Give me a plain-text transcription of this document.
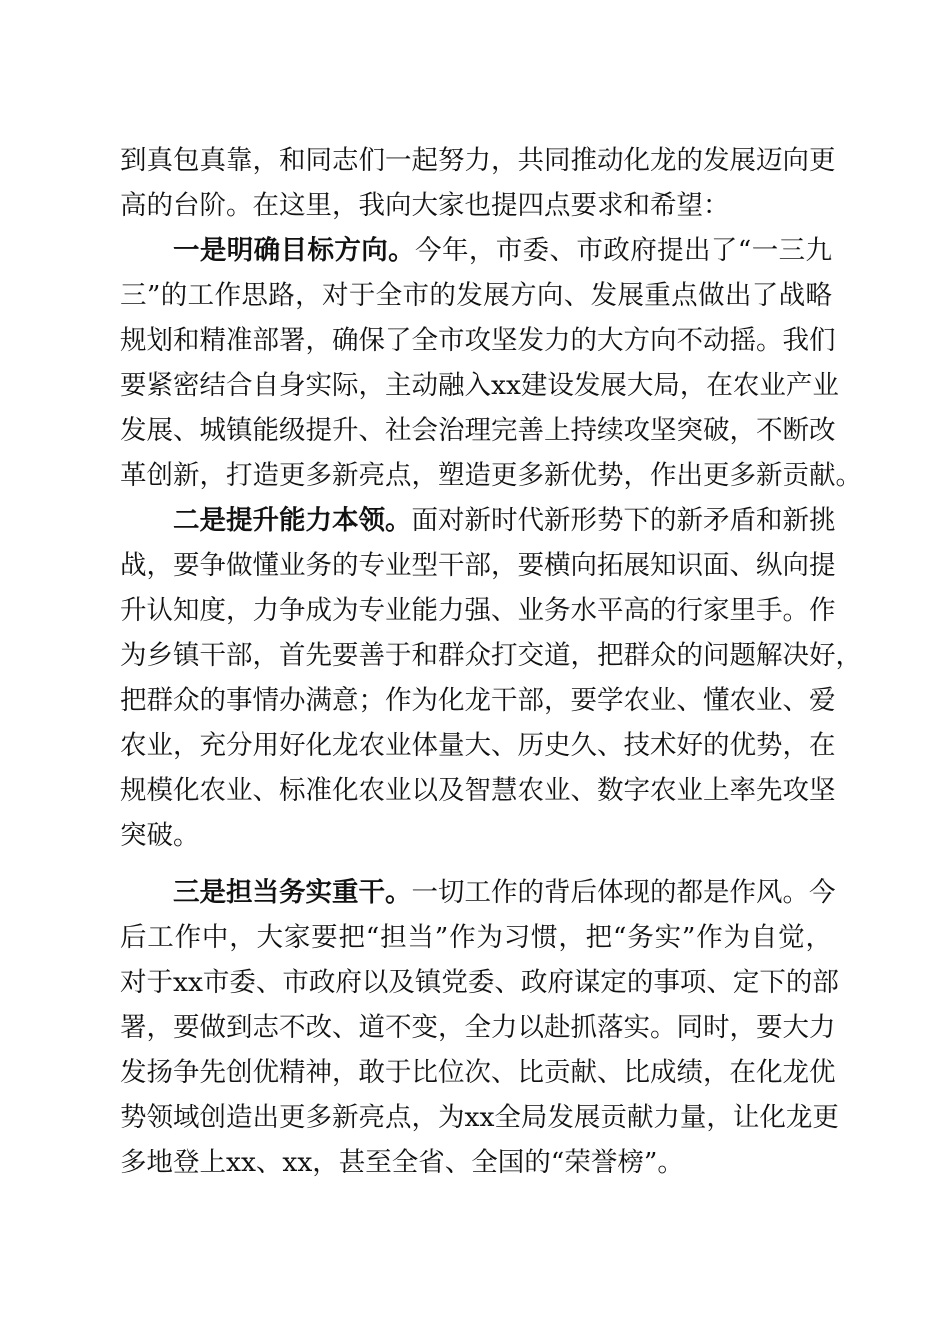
到真包真靠，和同志们一起努力，共同推动化龙的发展迈向更
高的台阶。在这里，我向大家也提四点要求和希望：
一是明确目标方向。今年，市委、市政府提出了“一三九
三”的工作思路，对于全市的发展方向、发展重点做出了战略
规划和精准部署，确保了全市攻坚发力的大方向不动摇。我们
要紧密结合自身实际，主动融入xx建设发展大局，在农业产业
发展、城镇能级提升、社会治理完善上持续攻坚突破，不断改
革创新，打造更多新亮点，塑造更多新优势，作出更多新贡献。
二是提升能力本领。面对新时代新形势下的新矛盾和新挑
战，要争做懂业务的专业型干部，要横向拓展知识面、纵向提
升认知度，力争成为专业能力强、业务水平高的行家里手。作
为乡镇干部，首先要善于和群众打交道，把群众的问题解决好，
把群众的事情办满意；作为化龙干部，要学农业、懂农业、爱
农业，充分用好化龙农业体量大、历史久、技术好的优势，在
规模化农业、标准化农业以及智慧农业、数字农业上率先攻坚
突破。
三是担当务实重干。一切工作的背后体现的都是作风。今
后工作中，大家要把“担当”作为习惯，把“务实”作为自觉，
对于xx市委、市政府以及镇党委、政府谋定的事项、定下的部
署，要做到志不改、道不变，全力以赴抓落实。同时，要大力
发扬争先创优精神，敢于比位次、比贡献、比成绩，在化龙优
势领域创造出更多新亮点，为xx全局发展贡献力量，让化龙更
多地登上xx、xx，甚至全省、全国的“荣誉榜”。
